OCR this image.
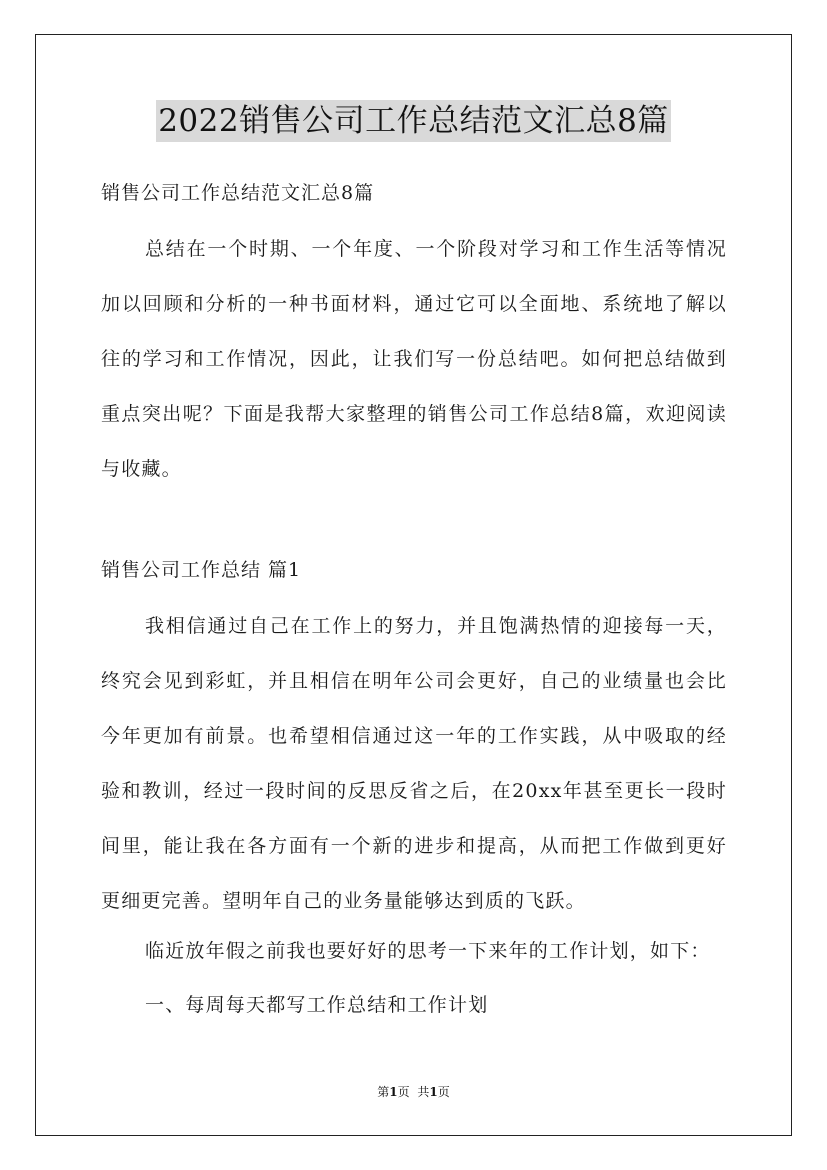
2022销售公司工作总结范文汇总8篇
销售公司工作总结范文汇总8篇

总结在一个时期、一个年度、一个阶段对学习和工作生活等情况加以回顾和分析的一种书面材料，通过它可以全面地、系统地了解以往的学习和工作情况，因此，让我们写一份总结吧。如何把总结做到重点突出呢？下面是我帮大家整理的销售公司工作总结8篇，欢迎阅读与收藏。

销售公司工作总结 篇1

我相信通过自己在工作上的努力，并且饱满热情的迎接每一天，终究会见到彩虹，并且相信在明年公司会更好，自己的业绩量也会比今年更加有前景。也希望相信通过这一年的工作实践，从中吸取的经验和教训，经过一段时间的反思反省之后，在20xx年甚至更长一段时间里，能让我在各方面有一个新的进步和提高，从而把工作做到更好更细更完善。望明年自己的业务量能够达到质的飞跃。

临近放年假之前我也要好好的思考一下来年的工作计划，如下：

一、每周每天都写工作总结和工作计划

第1页 共1页
